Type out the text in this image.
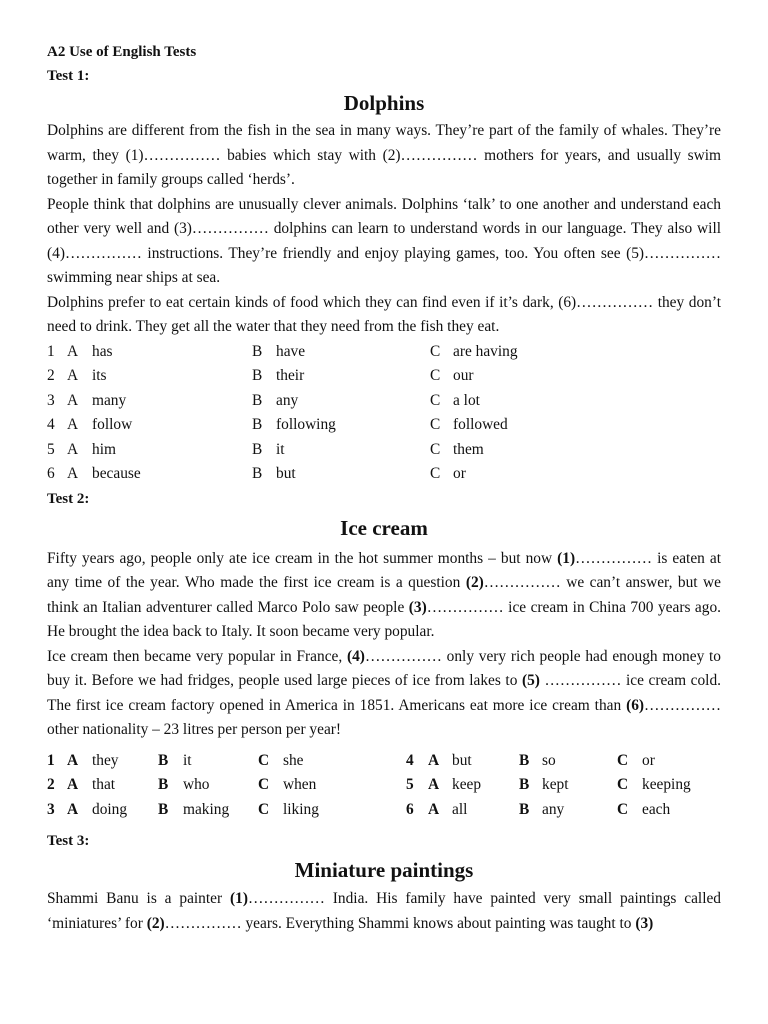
A2 Use of English Tests
Test 1:
Dolphins

Dolphins are different from the fish in the sea in many ways. They’re part of the family of whales. They’re warm, they (1)…………… babies which stay with (2)…………… mothers for years, and usually swim together in family groups called ‘herds’.

People think that dolphins are unusually clever animals. Dolphins ‘talk’ to one another and understand each other very well and (3)…………… dolphins can learn to understand words in our language. They also will (4)…………… instructions. They’re friendly and enjoy playing games, too. You often see (5)…………… swimming near ships at sea.

Dolphins prefer to eat certain kinds of food which they can find even if it’s dark, (6)…………… they don’t need to drink. They get all the water that they need from the fish they eat.

1 A has	B have	C are having
2 A its	B their	C our
3 A many	B any	C a lot
4 A follow	B following	C followed
5 A him	B it	C them
6 A because	B but	C or
Test 2:
Ice cream

Fifty years ago, people only ate ice cream in the hot summer months – but now (1)…………… is eaten at any time of the year. Who made the first ice cream is a question (2)…………… we can’t answer, but we think an Italian adventurer called Marco Polo saw people (3)…………… ice cream in China 700 years ago. He brought the idea back to Italy. It soon became very popular.

Ice cream then became very popular in France, (4)…………… only very rich people had enough money to buy it. Before we had fridges, people used large pieces of ice from lakes to (5) …………… ice cream cold. The first ice cream factory opened in America in 1851. Americans eat more ice cream than (6)…………… other nationality – 23 litres per person per year!

1 A they	B it	C she	4 A but	B so	C or
2 A that	B who	C when	5 A keep B kept	C keeping
3 A doing B making C liking	6 A all	B any	C each
Test 3:
Miniature paintings

Shammi Banu is a painter (1)…………… India. His family have painted very small paintings called ‘miniatures’ for (2)…………… years. Everything Shammi knows about painting was taught to (3)
